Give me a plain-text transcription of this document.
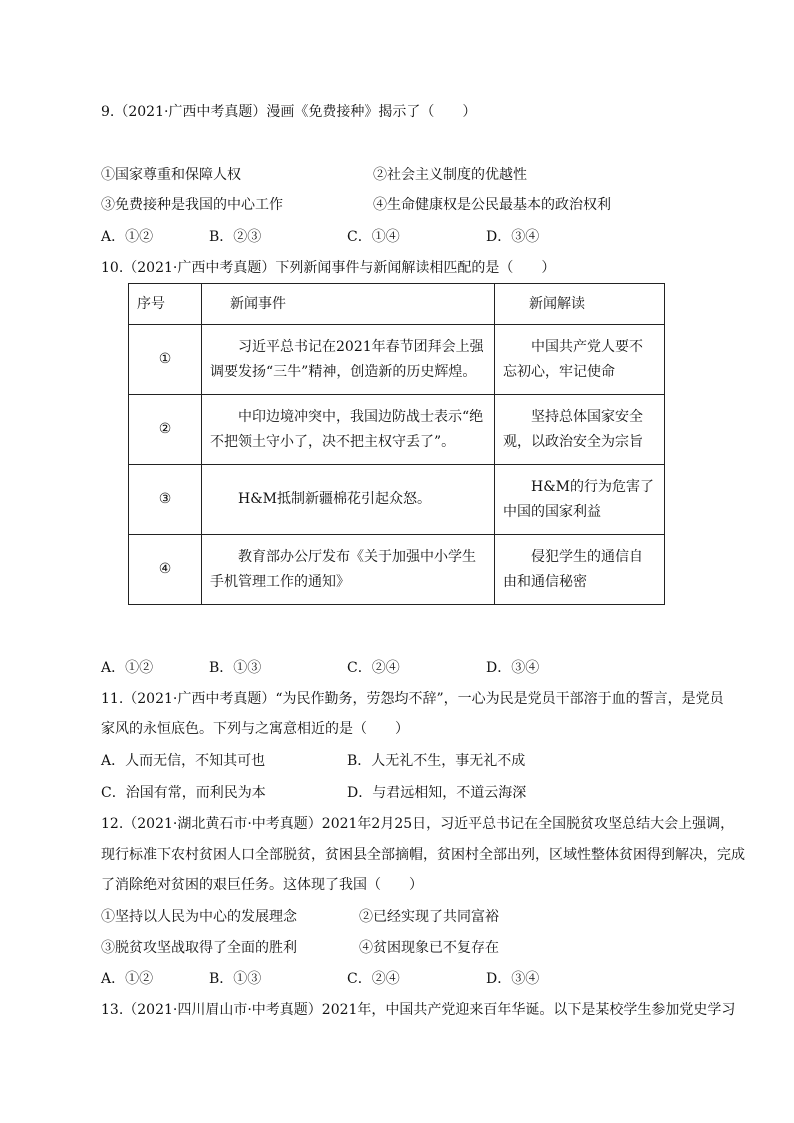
9.（2021·广西中考真题）漫画《免费接种》揭示了（　　）
①国家尊重和保障人权	②社会主义制度的优越性
③免费接种是我国的中心工作	④生命健康权是公民最基本的政治权利
A．①②	B．②③	C．①④	D．③④
10.（2021·广西中考真题）下列新闻事件与新闻解读相匹配的是（　　）
序号	新闻事件	新闻解读
①	习近平总书记在2021年春节团拜会上强调要发扬“三牛”精神，创造新的历史辉煌。	中国共产党人要不忘初心，牢记使命
②	中印边境冲突中，我国边防战士表示“绝不把领土守小了，决不把主权守丢了”。	坚持总体国家安全观，以政治安全为宗旨
③	H&M抵制新疆棉花引起众怒。	H&M的行为危害了中国的国家利益
④	教育部办公厅发布《关于加强中小学生手机管理工作的通知》	侵犯学生的通信自由和通信秘密
A．①②	B．①③	C．②④	D．③④
11.（2021·广西中考真题）“为民作勤务，劳怨均不辞”，一心为民是党员干部溶于血的誓言，是党员
家风的永恒底色。下列与之寓意相近的是（　　）
A．人而无信，不知其可也	B．人无礼不生，事无礼不成
C．治国有常，而利民为本	D．与君远相知，不道云海深
12.（2021·湖北黄石市·中考真题）2021年2月25日，习近平总书记在全国脱贫攻坚总结大会上强调，
现行标准下农村贫困人口全部脱贫，贫困县全部摘帽，贫困村全部出列，区域性整体贫困得到解决，完成
了消除绝对贫困的艰巨任务。这体现了我国（　　）
①坚持以人民为中心的发展理念	②已经实现了共同富裕
③脱贫攻坚战取得了全面的胜利	④贫困现象已不复存在
A．①②	B．①③	C．②④	D．③④
13.（2021·四川眉山市·中考真题）2021年，中国共产党迎来百年华诞。以下是某校学生参加党史学习
